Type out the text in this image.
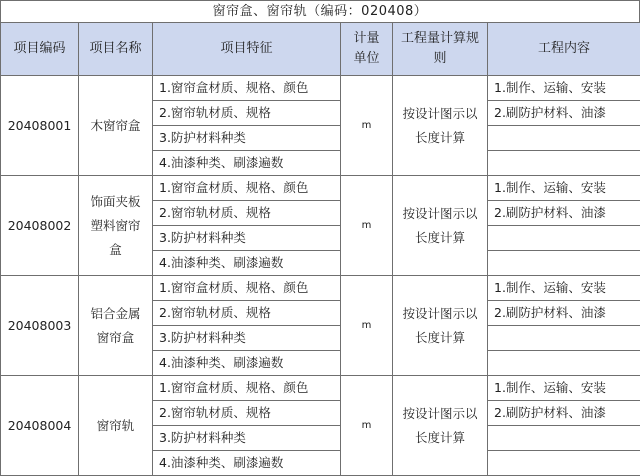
窗帘盒、窗帘轨（编码：020408）
项目编码	项目名称	项目特征	计量单位	工程量计算规则	工程内容
20408001	木窗帘盒	1.窗帘盒材质、规格、颜色	m	按设计图示以长度计算	1.制作、运输、安装
		2.窗帘轨材质、规格			2.刷防护材料、油漆
		3.防护材料种类			
		4.油漆种类、刷漆遍数			
20408002	饰面夹板塑料窗帘盒	1.窗帘盒材质、规格、颜色	m	按设计图示以长度计算	1.制作、运输、安装
		2.窗帘轨材质、规格			2.刷防护材料、油漆
		3.防护材料种类			
		4.油漆种类、刷漆遍数			
20408003	铝合金属窗帘盒	1.窗帘盒材质、规格、颜色	m	按设计图示以长度计算	1.制作、运输、安装
		2.窗帘轨材质、规格			2.刷防护材料、油漆
		3.防护材料种类			
		4.油漆种类、刷漆遍数			
20408004	窗帘轨	1.窗帘盒材质、规格、颜色	m	按设计图示以长度计算	1.制作、运输、安装
		2.窗帘轨材质、规格			2.刷防护材料、油漆
		3.防护材料种类			
		4.油漆种类、刷漆遍数			
